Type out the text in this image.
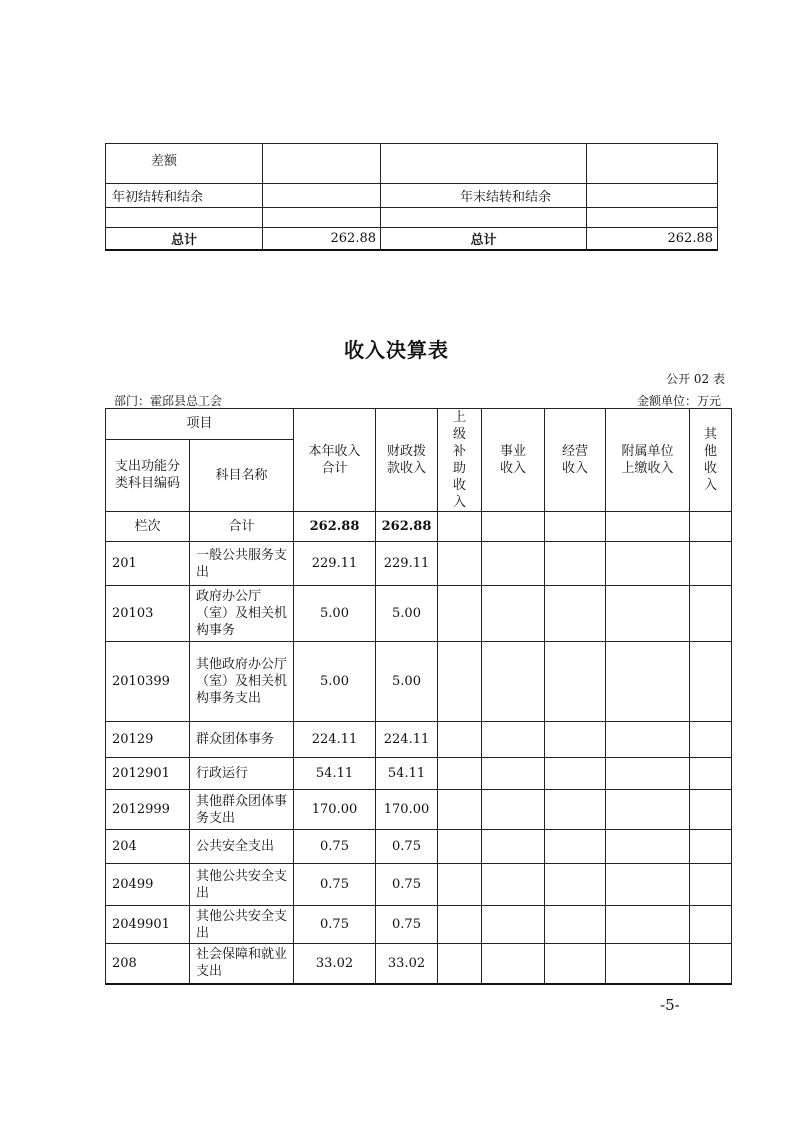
差额			
年初结转和结余		年末结转和结余	

总计	262.88	总计	262.88
收入决算表
公开 02 表
部门：霍邱县总工会	金额单位：万元
项目		本年收入合计	财政拨款收入	上级补助收入	事业收入	经营收入	附属单位上缴收入	其他收入
支出功能分类科目编码	科目名称							
栏次	合计	262.88	262.88					
201	一般公共服务支出	229.11	229.11					
20103	政府办公厅（室）及相关机构事务	5.00	5.00					
2010399	其他政府办公厅（室）及相关机构事务支出	5.00	5.00					
20129	群众团体事务	224.11	224.11					
2012901	行政运行	54.11	54.11					
2012999	其他群众团体事务支出	170.00	170.00					
204	公共安全支出	0.75	0.75					
20499	其他公共安全支出	0.75	0.75					
2049901	其他公共安全支出	0.75	0.75					
208	社会保障和就业支出	33.02	33.02					
-5-
